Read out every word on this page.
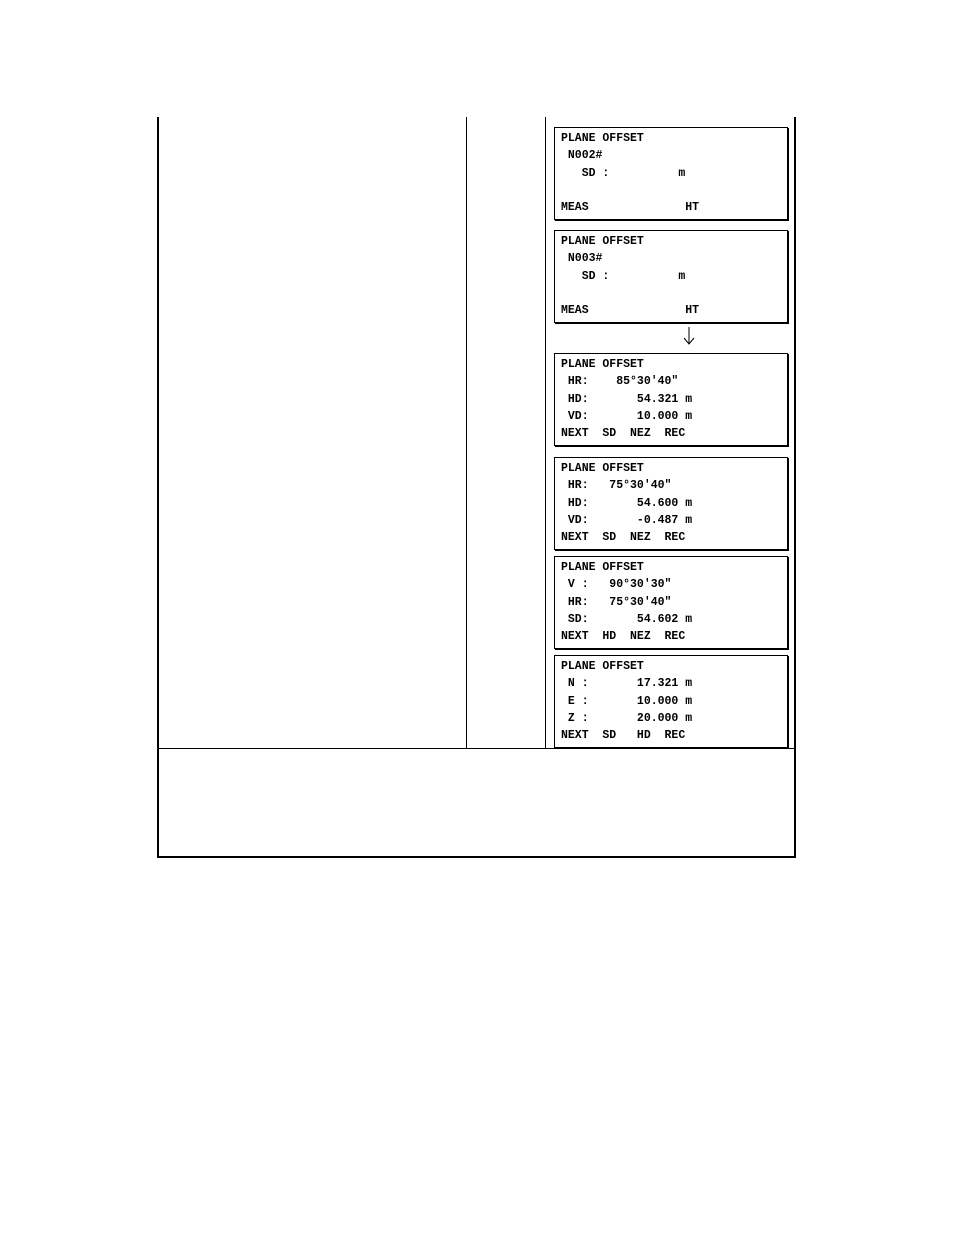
PLANE OFFSET
N002#
SD :          m
MEAS              HT
PLANE OFFSET
N003#
SD :          m
MEAS              HT
PLANE OFFSET
HR:    85°30'40"
HD:       54.321 m
VD:       10.000 m
NEXT  SD  NEZ  REC
PLANE OFFSET
HR:   75°30'40"
HD:       54.600 m
VD:       -0.487 m
NEXT  SD  NEZ  REC
PLANE OFFSET
V :   90°30'30"
HR:   75°30'40"
SD:       54.602 m
NEXT  HD  NEZ  REC
PLANE OFFSET
N :       17.321 m
E :       10.000 m
Z :       20.000 m
NEXT  SD   HD  REC
